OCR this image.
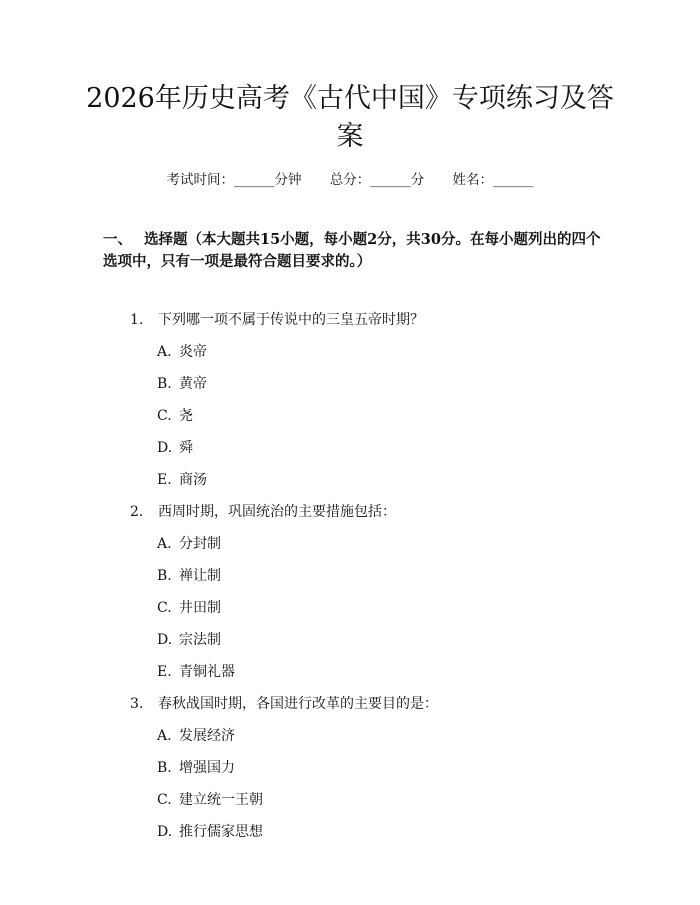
2026年历史高考《古代中国》专项练习及答案
考试时间：______分钟 总分：______分 姓名：______

一、 选择题（本大题共15小题，每小题2分，共30分。在每小题列出的四个选项中，只有一项是最符合题目要求的。）

1. 下列哪一项不属于传说中的三皇五帝时期？
A. 炎帝
B. 黄帝
C. 尧
D. 舜
E. 商汤
2. 西周时期，巩固统治的主要措施包括：
A. 分封制
B. 禅让制
C. 井田制
D. 宗法制
E. 青铜礼器
3. 春秋战国时期，各国进行改革的主要目的是：
A. 发展经济
B. 增强国力
C. 建立统一王朝
D. 推行儒家思想
